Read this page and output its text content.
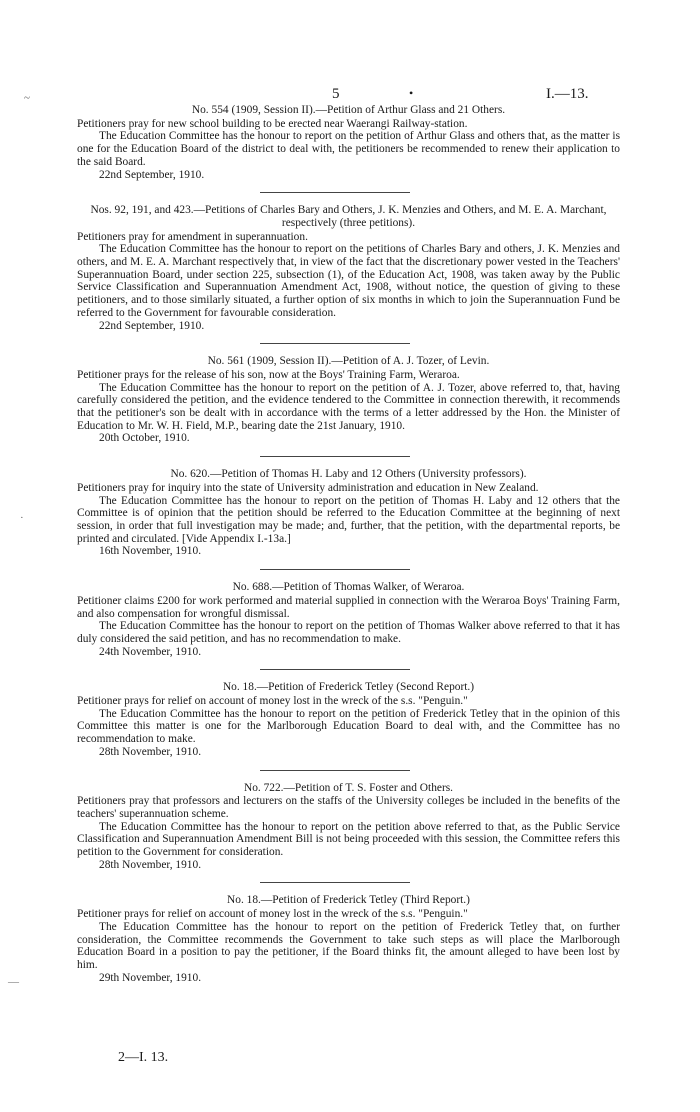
~
·
—
5	•	I.—13.
No. 554 (1909, Session II).—Petition of Arthur Glass and 21 Others.

Petitioners pray for new school building to be erected near Waerangi Railway-station.

The Education Committee has the honour to report on the petition of Arthur Glass and others that, as the matter is one for the Education Board of the district to deal with, the petitioners be recommended to renew their application to the said Board.

22nd September, 1910.
Nos. 92, 191, and 423.—Petitions of Charles Bary and Others, J. K. Menzies and Others, and M. E. A. Marchant, respectively (three petitions).

Petitioners pray for amendment in superannuation.

The Education Committee has the honour to report on the petitions of Charles Bary and others, J. K. Menzies and others, and M. E. A. Marchant respectively that, in view of the fact that the discretionary power vested in the Teachers' Superannuation Board, under section 225, subsection (1), of the Education Act, 1908, was taken away by the Public Service Classification and Superannuation Amendment Act, 1908, without notice, the question of giving to these petitioners, and to those similarly situated, a further option of six months in which to join the Superannuation Fund be referred to the Government for favourable consideration.

22nd September, 1910.
No. 561 (1909, Session II).—Petition of A. J. Tozer, of Levin.

Petitioner prays for the release of his son, now at the Boys' Training Farm, Weraroa.

The Education Committee has the honour to report on the petition of A. J. Tozer, above referred to, that, having carefully considered the petition, and the evidence tendered to the Committee in connection therewith, it recommends that the petitioner's son be dealt with in accordance with the terms of a letter addressed by the Hon. the Minister of Education to Mr. W. H. Field, M.P., bearing date the 21st January, 1910.

20th October, 1910.
No. 620.—Petition of Thomas H. Laby and 12 Others (University professors).

Petitioners pray for inquiry into the state of University administration and education in New Zealand.

The Education Committee has the honour to report on the petition of Thomas H. Laby and 12 others that the Committee is of opinion that the petition should be referred to the Education Committee at the beginning of next session, in order that full investigation may be made; and, further, that the petition, with the departmental reports, be printed and circulated. [Vide Appendix I.-13a.]

16th November, 1910.
No. 688.—Petition of Thomas Walker, of Weraroa.

Petitioner claims £200 for work performed and material supplied in connection with the Weraroa Boys' Training Farm, and also compensation for wrongful dismissal.

The Education Committee has the honour to report on the petition of Thomas Walker above referred to that it has duly considered the said petition, and has no recommendation to make.

24th November, 1910.
No. 18.—Petition of Frederick Tetley (Second Report.)

Petitioner prays for relief on account of money lost in the wreck of the s.s. "Penguin."

The Education Committee has the honour to report on the petition of Frederick Tetley that in the opinion of this Committee this matter is one for the Marlborough Education Board to deal with, and the Committee has no recommendation to make.

28th November, 1910.
No. 722.—Petition of T. S. Foster and Others.

Petitioners pray that professors and lecturers on the staffs of the University colleges be included in the benefits of the teachers' superannuation scheme.

The Education Committee has the honour to report on the petition above referred to that, as the Public Service Classification and Superannuation Amendment Bill is not being proceeded with this session, the Committee refers this petition to the Government for consideration.

28th November, 1910.
No. 18.—Petition of Frederick Tetley (Third Report.)

Petitioner prays for relief on account of money lost in the wreck of the s.s. "Penguin."

The Education Committee has the honour to report on the petition of Frederick Tetley that, on further consideration, the Committee recommends the Government to take such steps as will place the Marlborough Education Board in a position to pay the petitioner, if the Board thinks fit, the amount alleged to have been lost by him.

29th November, 1910.
2—I. 13.
